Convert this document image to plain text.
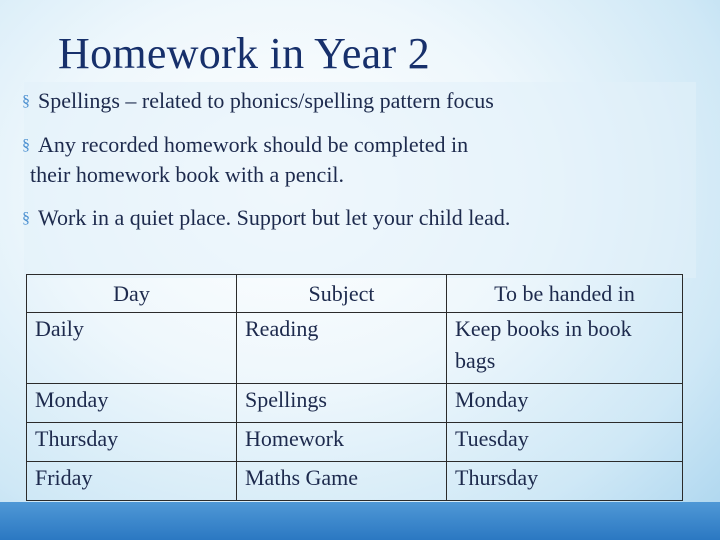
Homework in Year 2
§ Spellings – related to phonics/spelling pattern focus
§ Any recorded homework should be completed in
their homework book with a pencil.
§ Work in a quiet place. Support but let your child lead.
Day	Subject	To be handed in
Daily	Reading	Keep books in book
bags

Monday	Spellings	Monday
Thursday	Homework	Tuesday
Friday	Maths Game	Thursday
